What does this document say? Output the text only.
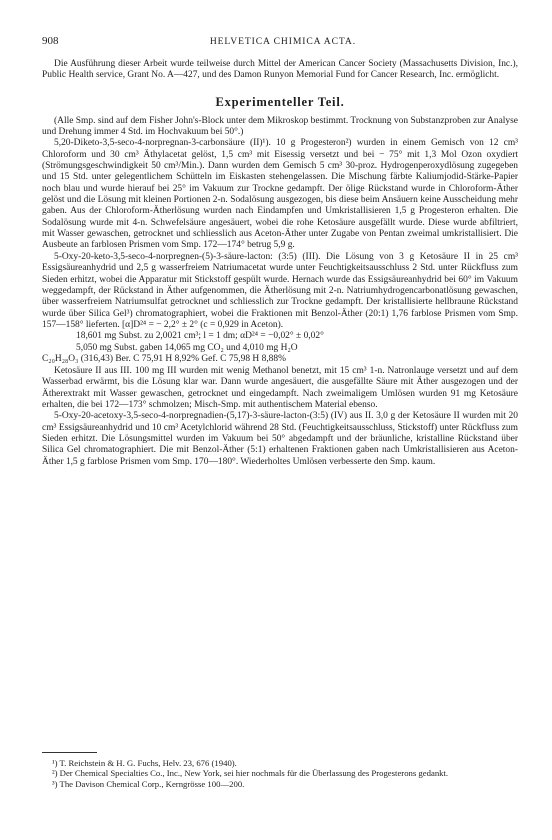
908	HELVETICA CHIMICA ACTA.

Die Ausführung dieser Arbeit wurde teilweise durch Mittel der American Cancer Society (Massachusetts Division, Inc.), Public Health service, Grant No. A—427, und des Damon Runyon Memorial Fund for Cancer Research, Inc. ermöglicht.

Experimenteller Teil.

(Alle Smp. sind auf dem Fisher John's-Block unter dem Mikroskop bestimmt. Trocknung von Substanzproben zur Analyse und Drehung immer 4 Std. im Hochvakuum bei 50°.)

5,20-Diketo-3,5-seco-4-norpregnan-3-carbonsäure (II)¹). 10 g Progesteron²) wurden in einem Gemisch von 12 cm³ Chloroform und 30 cm³ Äthylacetat gelöst, 1,5 cm³ mit Eisessig versetzt und bei − 75° mit 1,3 Mol Ozon oxydiert (Strömungsgeschwindigkeit 50 cm³/Min.). Dann wurden dem Gemisch 5 cm³ 30-proz. Hydrogenperoxydlösung zugegeben und 15 Std. unter gelegentlichem Schütteln im Eiskasten stehengelassen. Die Mischung färbte Kaliumjodid-Stärke-Papier noch blau und wurde hierauf bei 25° im Vakuum zur Trockne gedampft. Der ölige Rückstand wurde in Chloroform-Äther gelöst und die Lösung mit kleinen Portionen 2-n. Sodalösung ausgezogen, bis diese beim Ansäuern keine Ausscheidung mehr gaben. Aus der Chloroform-Ätherlösung wurden nach Eindampfen und Umkristallisieren 1,5 g Progesteron erhalten. Die Sodalösung wurde mit 4-n. Schwefelsäure angesäuert, wobei die rohe Ketosäure ausgefällt wurde. Diese wurde abfiltriert, mit Wasser gewaschen, getrocknet und schliesslich aus Aceton-Äther unter Zugabe von Pentan zweimal umkristallisiert. Die Ausbeute an farblosen Prismen vom Smp. 172—174° betrug 5,9 g.

5-Oxy-20-keto-3,5-seco-4-norpregnen-(5)-3-säure-lacton: (3:5) (III). Die Lösung von 3 g Ketosäure II in 25 cm³ Essigsäureanhydrid und 2,5 g wasserfreiem Natriumacetat wurde unter Feuchtigkeitsausschluss 2 Std. unter Rückfluss zum Sieden erhitzt, wobei die Apparatur mit Stickstoff gespült wurde. Hernach wurde das Essigsäureanhydrid bei 60° im Vakuum weggedampft, der Rückstand in Äther aufgenommen, die Ätherlösung mit 2-n. Natriumhydrogencarbonatlösung gewaschen, über wasserfreiem Natriumsulfat getrocknet und schliesslich zur Trockne gedampft. Der kristallisierte hellbraune Rückstand wurde über Silica Gel³) chromatographiert, wobei die Fraktionen mit Benzol-Äther (20:1) 1,76 farblose Prismen vom Smp. 157—158° lieferten. [α]D²⁴ = − 2,2° ± 2° (c = 0,929 in Aceton).

18,601 mg Subst. zu 2,0021 cm³; l = 1 dm; αD²⁴ = −0,02° ± 0,02°

5,050 mg Subst. gaben 14,065 mg CO₂ und 4,010 mg H₂O

C₂₀H₂₈O₃ (316,43) Ber. C 75,91 H 8,92% Gef. C 75,98 H 8,88%

Ketosäure II aus III. 100 mg III wurden mit wenig Methanol benetzt, mit 15 cm³ 1-n. Natronlauge versetzt und auf dem Wasserbad erwärmt, bis die Lösung klar war. Dann wurde angesäuert, die ausgefällte Säure mit Äther ausgezogen und der Ätherextrakt mit Wasser gewaschen, getrocknet und eingedampft. Nach zweimaligem Umlösen wurden 91 mg Ketosäure erhalten, die bei 172—173° schmolzen; Misch-Smp. mit authentischem Material ebenso.

5-Oxy-20-acetoxy-3,5-seco-4-norpregnadien-(5,17)-3-säure-lacton-(3:5) (IV) aus II. 3,0 g der Ketosäure II wurden mit 20 cm³ Essigsäureanhydrid und 10 cm³ Acetylchlorid während 28 Std. (Feuchtigkeitsausschluss, Stickstoff) unter Rückfluss zum Sieden erhitzt. Die Lösungsmittel wurden im Vakuum bei 50° abgedampft und der bräunliche, kristalline Rückstand über Silica Gel chromatographiert. Die mit Benzol-Äther (5:1) erhaltenen Fraktionen gaben nach Umkristallisieren aus Aceton-Äther 1,5 g farblose Prismen vom Smp. 170—180°. Wiederholtes Umlösen verbesserte den Smp. kaum.

¹) T. Reichstein & H. G. Fuchs, Helv. 23, 676 (1940).

²) Der Chemical Specialties Co., Inc., New York, sei hier nochmals für die Überlassung des Progesterons gedankt.

³) The Davison Chemical Corp., Kerngrösse 100—200.
